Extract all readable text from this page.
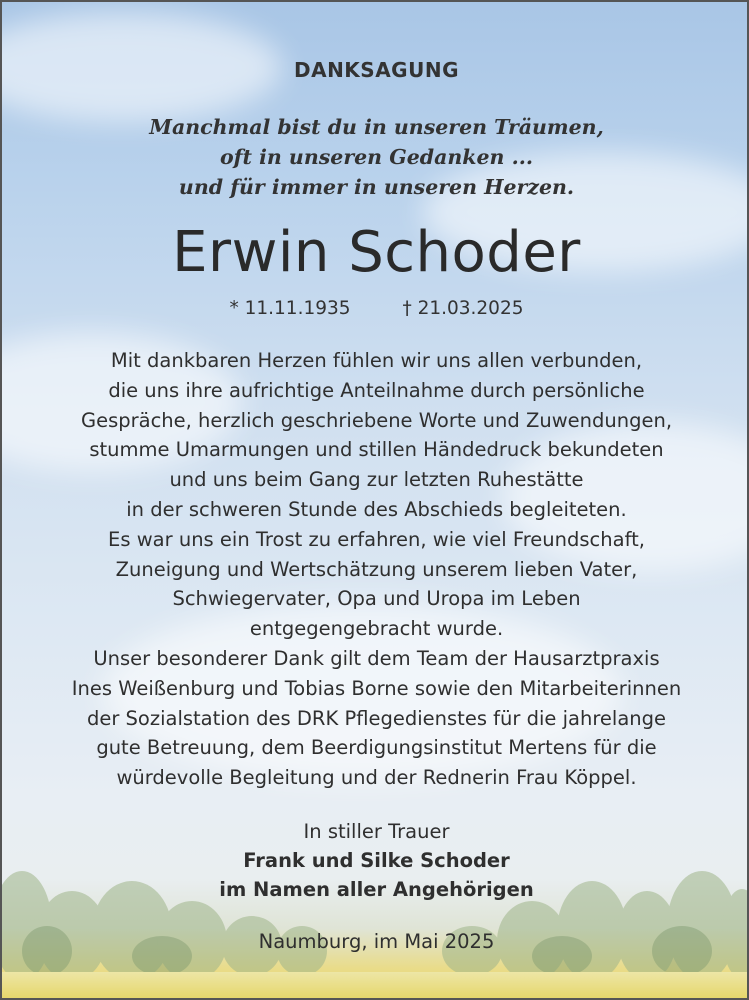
DANKSAGUNG
Manchmal bist du in unseren Träumen,
oft in unseren Gedanken ...
und für immer in unseren Herzen.
Erwin Schoder
* 11.11.1935	† 21.03.2025
Mit dankbaren Herzen fühlen wir uns allen verbunden,
die uns ihre aufrichtige Anteilnahme durch persönliche
Gespräche, herzlich geschriebene Worte und Zuwendungen,
stumme Umarmungen und stillen Händedruck bekundeten
und uns beim Gang zur letzten Ruhestätte
in der schweren Stunde des Abschieds begleiteten.
Es war uns ein Trost zu erfahren, wie viel Freundschaft,
Zuneigung und Wertschätzung unserem lieben Vater,
Schwiegervater, Opa und Uropa im Leben
entgegengebracht wurde.
Unser besonderer Dank gilt dem Team der Hausarztpraxis
Ines Weißenburg und Tobias Borne sowie den Mitarbeiterinnen
der Sozialstation des DRK Pflegedienstes für die jahrelange
gute Betreuung, dem Beerdigungsinstitut Mertens für die
würdevolle Begleitung und der Rednerin Frau Köppel.
In stiller Trauer
Frank und Silke Schoder
im Namen aller Angehörigen
Naumburg, im Mai 2025
